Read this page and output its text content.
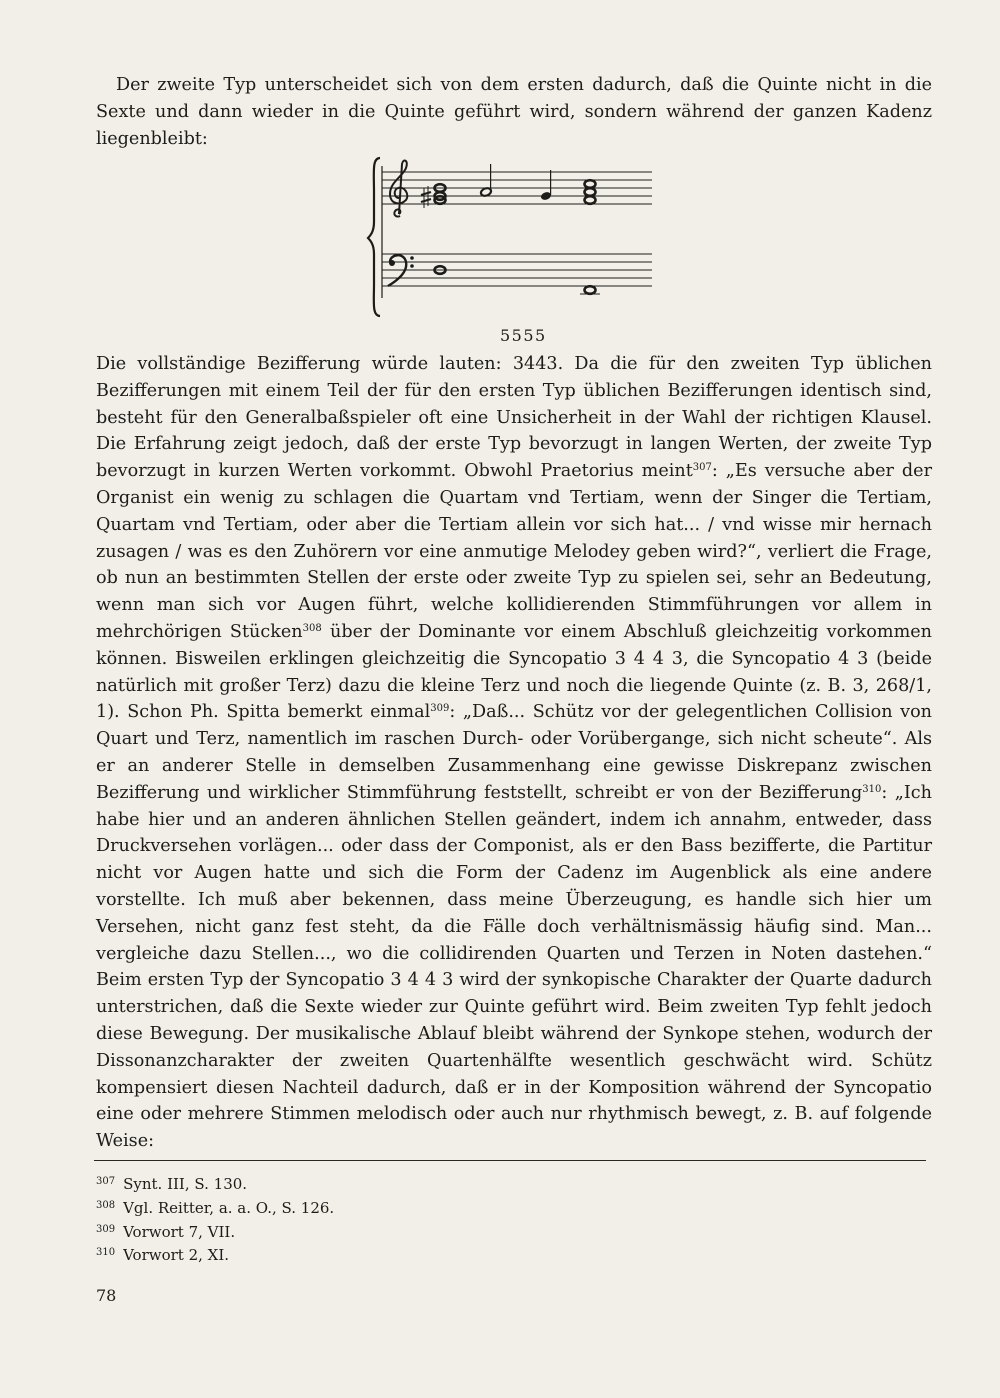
Der zweite Typ unterscheidet sich von dem ersten dadurch, daß die Quinte nicht in die Sexte und dann wieder in die Quinte geführt wird, sondern während der ganzen Kadenz liegenbleibt:

5555

Die vollständige Bezifferung würde lauten: 3443. Da die für den zweiten Typ üblichen Bezifferungen mit einem Teil der für den ersten Typ üblichen Bezifferungen identisch sind, besteht für den Generalbaßspieler oft eine Unsicherheit in der Wahl der richtigen Klausel. Die Erfahrung zeigt jedoch, daß der erste Typ bevorzugt in langen Werten, der zweite Typ bevorzugt in kurzen Werten vorkommt. Obwohl Praetorius meint$^{307}$: „Es versuche aber der Organist ein wenig zu schlagen die Quartam vnd Tertiam, wenn der Singer die Tertiam, Quartam vnd Tertiam, oder aber die Tertiam allein vor sich hat... / vnd wisse mir hernach zusagen / was es den Zuhörern vor eine anmutige Melodey geben wird?“, verliert die Frage, ob nun an bestimmten Stellen der erste oder zweite Typ zu spielen sei, sehr an Bedeutung, wenn man sich vor Augen führt, welche kollidierenden Stimmführungen vor allem in mehrchörigen Stücken$^{308}$ über der Dominante vor einem Abschluß gleichzeitig vorkommen können. Bisweilen erklingen gleichzeitig die Syncopatio 3 4 4 3, die Syncopatio 4 3 (beide natürlich mit großer Terz) dazu die kleine Terz und noch die liegende Quinte (z. B. 3, 268/1, 1). Schon Ph. Spitta bemerkt einmal$^{309}$: „Daß... Schütz vor der gelegentlichen Collision von Quart und Terz, namentlich im raschen Durch- oder Vorübergange, sich nicht scheute“. Als er an anderer Stelle in demselben Zusammenhang eine gewisse Diskrepanz zwischen Bezifferung und wirklicher Stimmführung feststellt, schreibt er von der Bezifferung$^{310}$: „Ich habe hier und an anderen ähnlichen Stellen geändert, indem ich annahm, entweder, dass Druckversehen vorlägen... oder dass der Componist, als er den Bass bezifferte, die Partitur nicht vor Augen hatte und sich die Form der Cadenz im Augenblick als eine andere vorstellte. Ich muß aber bekennen, dass meine Überzeugung, es handle sich hier um Versehen, nicht ganz fest steht, da die Fälle doch verhältnismässig häufig sind. Man... vergleiche dazu Stellen..., wo die collidirenden Quarten und Terzen in Noten dastehen.“ Beim ersten Typ der Syncopatio 3 4 4 3 wird der synkopische Charakter der Quarte dadurch unterstrichen, daß die Sexte wieder zur Quinte geführt wird. Beim zweiten Typ fehlt jedoch diese Bewegung. Der musikalische Ablauf bleibt während der Synkope stehen, wodurch der Dissonanzcharakter der zweiten Quartenhälfte wesentlich geschwächt wird. Schütz kompensiert diesen Nachteil dadurch, daß er in der Komposition während der Syncopatio eine oder mehrere Stimmen melodisch oder auch nur rhythmisch bewegt, z. B. auf folgende Weise:

$^{307}$ Synt. III, S. 130.
$^{308}$ Vgl. Reitter, a. a. O., S. 126.
$^{309}$ Vorwort 7, VII.
$^{310}$ Vorwort 2, XI.
78
